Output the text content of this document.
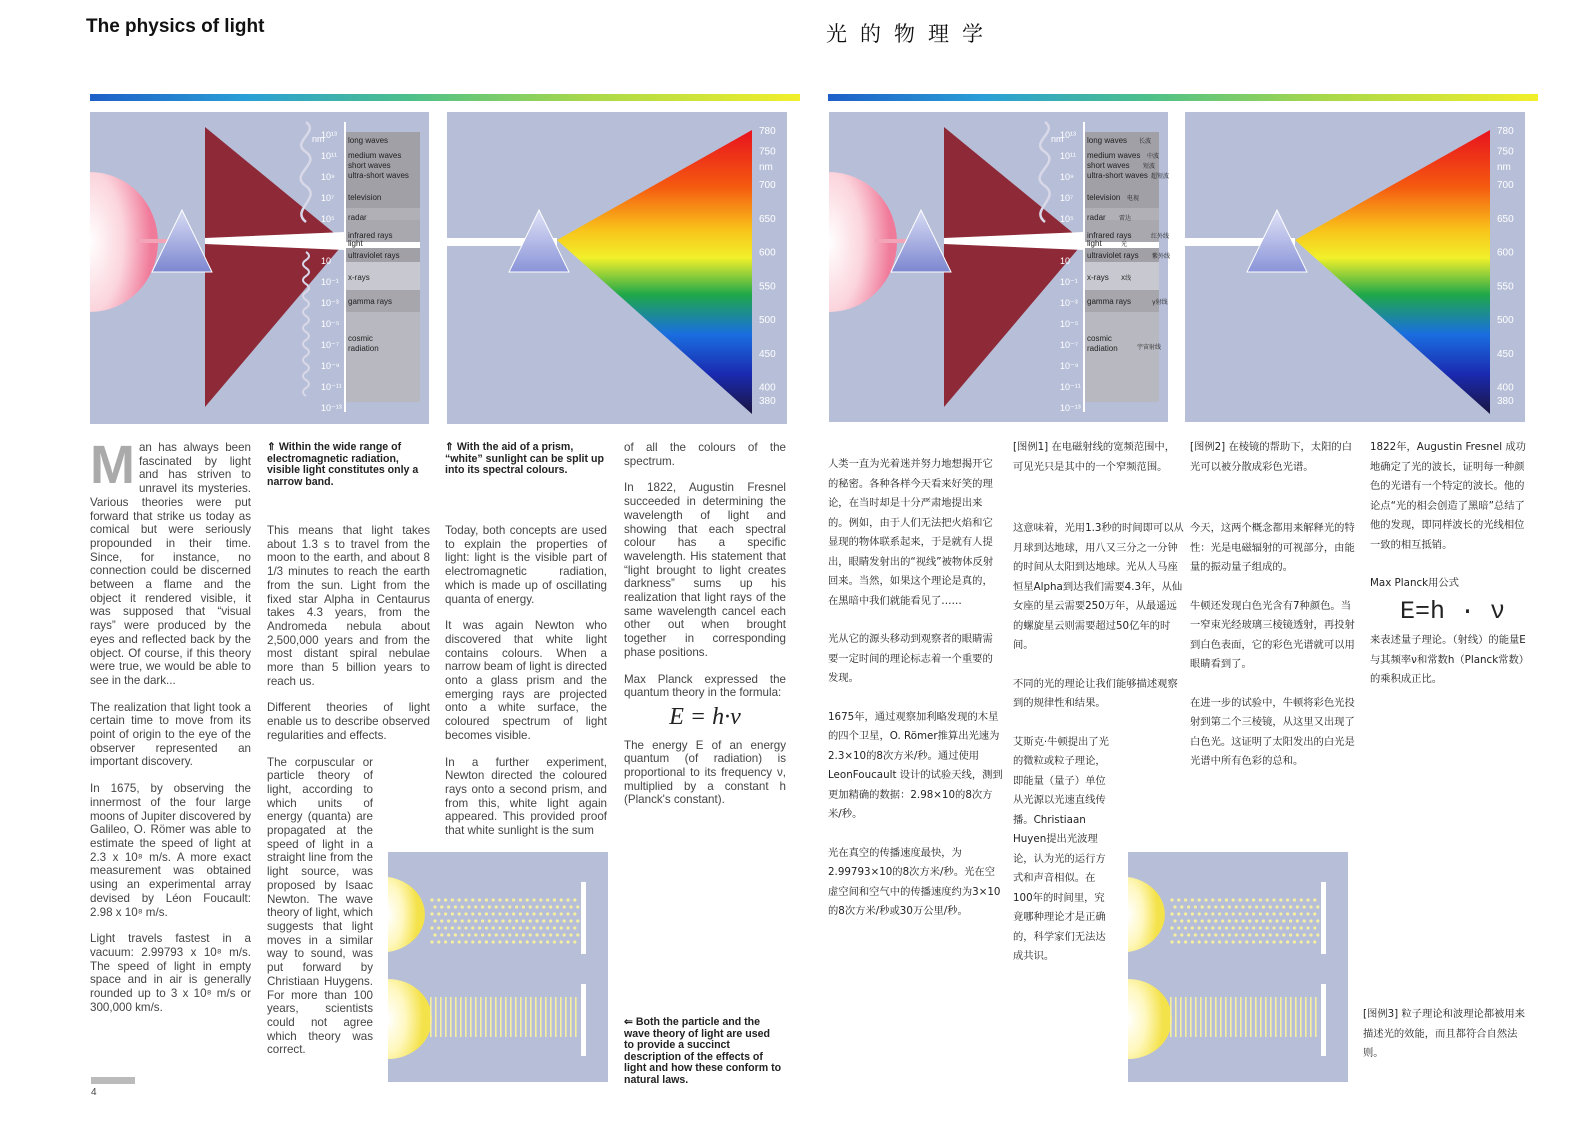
The physics of light	光的物理学
nm
10¹³
10¹¹
10⁹
10⁷
10⁵
10³
10
10⁻¹
10⁻³
10⁻⁵
10⁻⁷
10⁻⁹
10⁻¹¹
10⁻¹³
long waves
medium waves
short waves
ultra-short waves
television
radar
infrared rays
light
ultraviolet rays
x-rays
gamma rays
cosmic
radiation
nm
780
750
700
650
600
550
500
450
400
380

Man has always been fascinated by light and has striven to unravel its mysteries. Various theories were put forward that strike us today as comical but were seriously propounded in their time. Since, for instance, no connection could be discerned between a flame and the object it rendered visible, it was supposed that “visual rays” were produced by the eyes and reflected back by the object. Of course, if this theory were true, we would be able to see in the dark...

The realization that light took a certain time to move from its point of origin to the eye of the observer represented an important discovery.

In 1675, by observing the innermost of the four large moons of Jupiter discovered by Galileo, O. Römer was able to estimate the speed of light at 2.3 x 10⁸ m/s. A more exact measurement was obtained using an experimental array devised by Léon Foucault: 2.98 x 10⁸ m/s.

Light travels fastest in a vacuum: 2.99793 x 10⁸ m/s. The speed of light in empty space and in air is generally rounded up to 3 x 10⁸ m/s or 300,000 km/s.

⇑ Within the wide range of electromagnetic radiation, visible light constitutes only a narrow band.

This means that light takes about 1.3 s to travel from the moon to the earth, and about 8 1/3 minutes to reach the earth from the sun. Light from the fixed star Alpha in Centaurus takes 4.3 years, from the Andromeda nebula about 2,500,000 years and from the most distant spiral nebulae more than 5 billion years to reach us.

Different theories of light enable us to describe observed regularities and effects.

The corpuscular or particle theory of light, according to which units of energy (quanta) are propagated at the speed of light in a straight line from the light source, was proposed by Isaac Newton. The wave theory of light, which suggests that light moves in a similar way to sound, was put forward by Christiaan Huygens. For more than 100 years, scientists could not agree which theory was correct.

⇑ With the aid of a prism, “white” sunlight can be split up into its spectral colours.

Today, both concepts are used to explain the properties of light: light is the visible part of electromagnetic radiation, which is made up of oscillating quanta of energy.

It was again Newton who discovered that white light contains colours. When a narrow beam of light is directed onto a glass prism and the emerging rays are projected onto a white surface, the coloured spectrum of light becomes visible.

In a further experiment, Newton directed the coloured rays onto a second prism, and from this, white light again appeared. This provided proof that white sunlight is the sum

of all the colours of the spectrum.

In 1822, Augustin Fresnel succeeded in determining the wavelength of light and showing that each spectral colour has a specific wavelength. His statement that “light brought to light creates darkness” sums up his realization that light rays of the same wavelength cancel each other out when brought together in corresponding phase positions.

Max Planck expressed the quantum theory in the formula:

E = h·ν

The energy E of an energy quantum (of radiation) is proportional to its frequency ν, multiplied by a constant h (Planck's constant).

⇐ Both the particle and the wave theory of light are used to provide a succinct description of the effects of light and how these conform to natural laws.
4
nm
10¹³
10¹¹
10⁹
10⁷
10⁵
10³
10
10⁻¹
10⁻³
10⁻⁵
10⁻⁷
10⁻⁹
10⁻¹¹
10⁻¹³
long waves
medium waves
short waves
ultra-short waves
television
radar
infrared rays
light
ultraviolet rays
x-rays
gamma rays
cosmic
radiation
长波
中波
短波
超短波
电视
雷达
红外线
光
紫外线
X线
γ射线
宇宙射线
nm
780
750
700
650
600
550
500
450
400
380

人类一直为光着迷并努力地想揭开它的秘密。各种各样今天看来好笑的理论，在当时却是十分严肃地提出来的。例如，由于人们无法把火焰和它显现的物体联系起来，于是就有人提出，眼睛发射出的“视线”被物体反射回来。当然，如果这个理论是真的，在黑暗中我们就能看见了……

光从它的源头移动到观察者的眼睛需要一定时间的理论标志着一个重要的发现。

1675年，通过观察加利略发现的木星的四个卫星，O. Römer推算出光速为2.3×10的8次方米/秒。通过使用LeonFoucault 设计的试验天线，测到更加精确的数据：2.98×10的8次方米/秒。

光在真空的传播速度最快，为2.99793×10的8次方米/秒。光在空虚空间和空气中的传播速度约为3×10的8次方米/秒或30万公里/秒。

[图例1] 在电磁射线的宽频范围中，可见光只是其中的一个窄频范围。

这意味着，光用1.3秒的时间即可以从月球到达地球，用八又三分之一分钟的时间从太阳到达地球。光从人马座恒星Alpha到达我们需要4.3年，从仙女座的星云需要250万年，从最遥远的螺旋星云则需要超过50亿年的时间。

不同的光的理论让我们能够描述观察到的规律性和结果。

艾斯克·牛顿提出了光的微粒或粒子理论，即能量（量子）单位从光源以光速直线传播。Christiaan Huyen提出光波理论，认为光的运行方式和声音相似。在100年的时间里，究竟哪种理论才是正确的，科学家们无法达成共识。

[图例2] 在棱镜的帮助下，太阳的白光可以被分散成彩色光谱。

今天，这两个概念都用来解释光的特性：光是电磁辐射的可视部分，由能量的振动量子组成的。

牛顿还发现白色光含有7种颜色。当一窄束光经玻璃三棱镜透射，再投射到白色表面，它的彩色光谱就可以用眼睛看到了。

在进一步的试验中，牛顿将彩色光投射到第二个三棱镜，从这里又出现了白色光。这证明了太阳发出的白光是光谱中所有色彩的总和。

1822年，Augustin Fresnel 成功地确定了光的波长，证明每一种颜色的光谱有一个特定的波长。他的论点“光的相会创造了黑暗”总结了他的发现，即同样波长的光线相位一致的相互抵销。

Max Planck用公式

E=h · ν

来表述量子理论。（射线）的能量E与其频率ν和常数h（Planck常数）的乘积成正比。

[图例3] 粒子理论和波理论都被用来描述光的效能，而且都符合自然法则。
